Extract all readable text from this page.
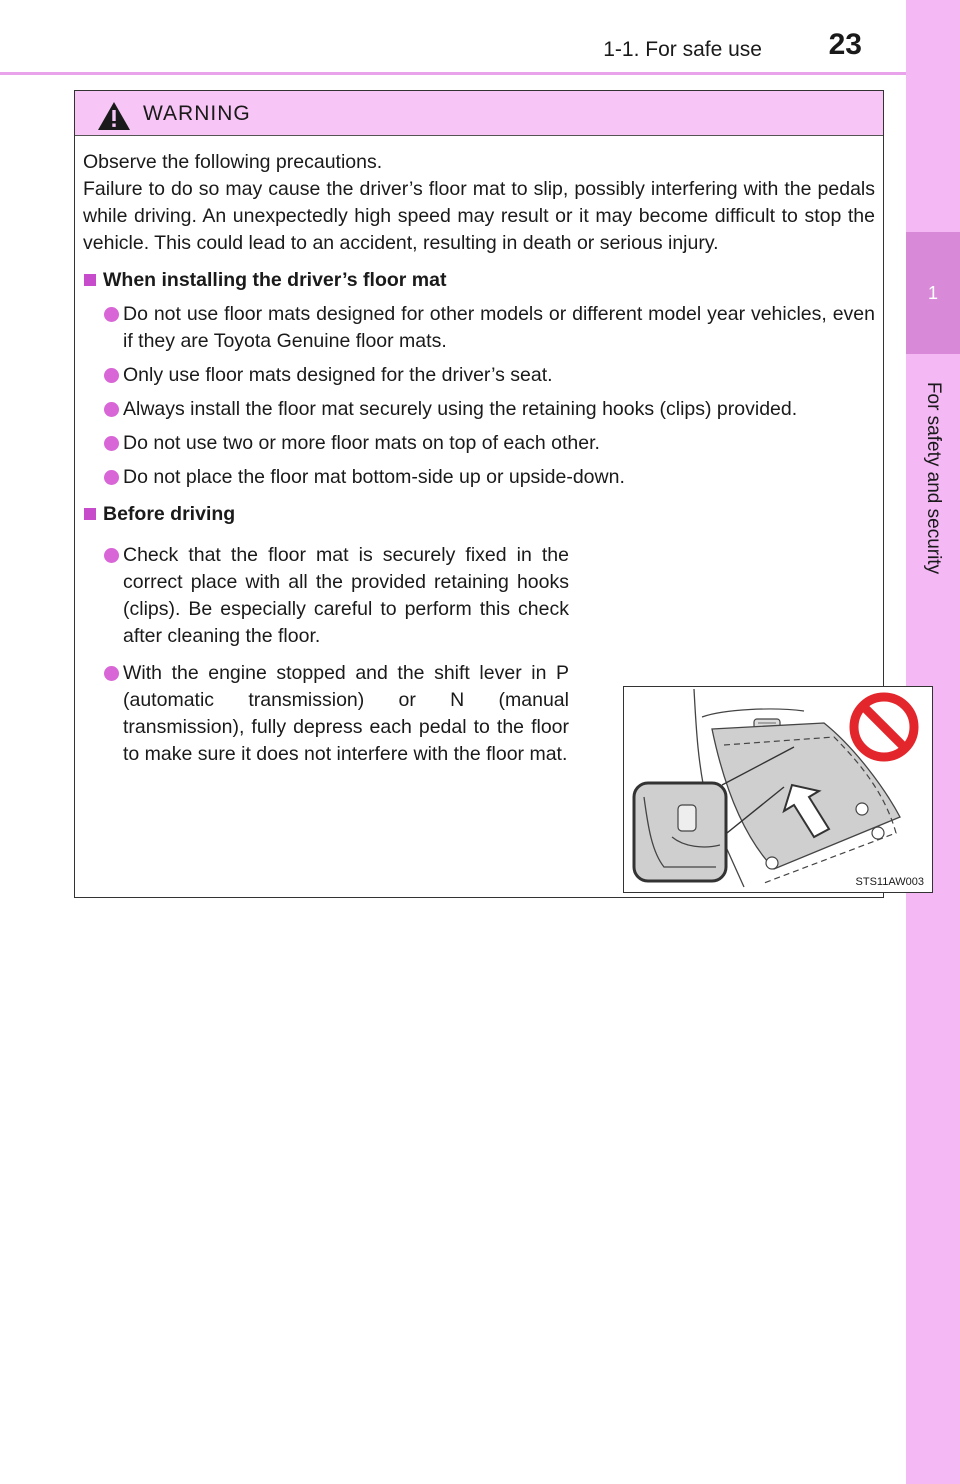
1-1. For safe use 23
1
For safety and security
WARNING

Observe the following precautions.

Failure to do so may cause the driver’s floor mat to slip, possibly interfering with the pedals while driving. An unexpectedly high speed may result or it may become difficult to stop the vehicle. This could lead to an accident, resulting in death or serious injury.

When installing the driver’s floor mat
Do not use floor mats designed for other models or different model year vehicles, even if they are Toyota Genuine floor mats.
Only use floor mats designed for the driver’s seat.
Always install the floor mat securely using the retaining hooks (clips) provided.
Do not use two or more floor mats on top of each other.
Do not place the floor mat bottom-side up or upside-down.
Before driving
Check that the floor mat is securely fixed in the correct place with all the provided retaining hooks (clips). Be especially careful to perform this check after cleaning the floor.
With the engine stopped and the shift lever in P (automatic transmission) or N (manual transmission), fully depress each pedal to the floor to make sure it does not interfere with the floor mat.
STS11AW003
